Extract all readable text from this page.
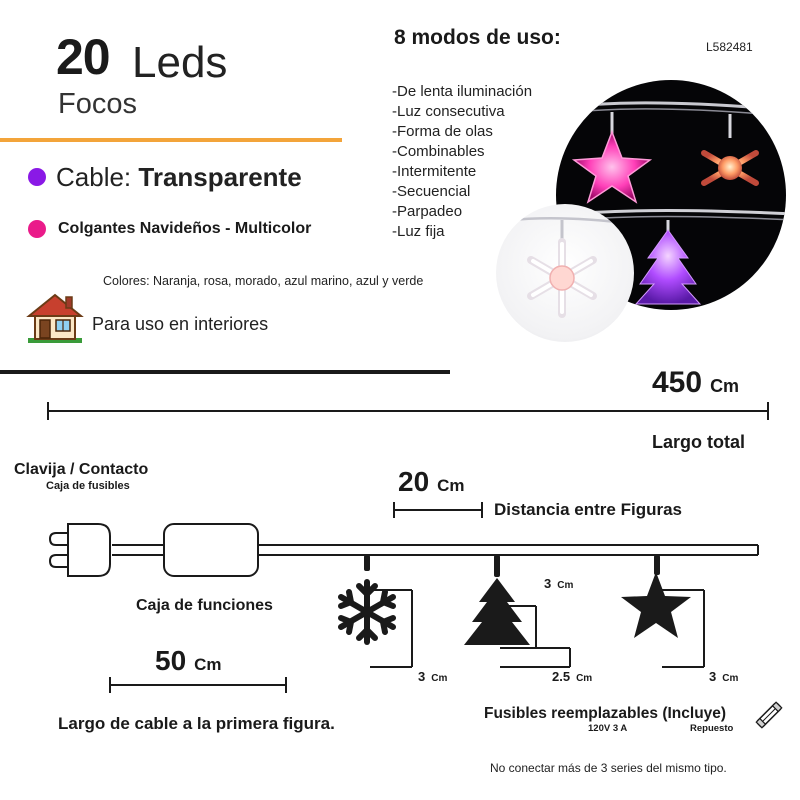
20 Leds
Focos
Cable: Transparente
Colgantes Navideños - Multicolor
Colores: Naranja, rosa, morado, azul marino, azul y verde
Para uso en interiores
8 modos de uso:	L582481
-De lenta iluminación
-Luz consecutiva
-Forma de olas
-Combinables
-Intermitente
-Secuencial
-Parpadeo
-Luz fija
450 Cm
Largo total
Clavija / Contacto
Caja de fusibles	20 Cm
Distancia entre Figuras
Caja de funciones
50 Cm
Largo de cable a la primera figura.
3 Cm
3 Cm
2.5 Cm	3 Cm
Fusibles reemplazables (Incluye)
120V 3 A	Repuesto
No conectar más de 3 series del mismo tipo.
